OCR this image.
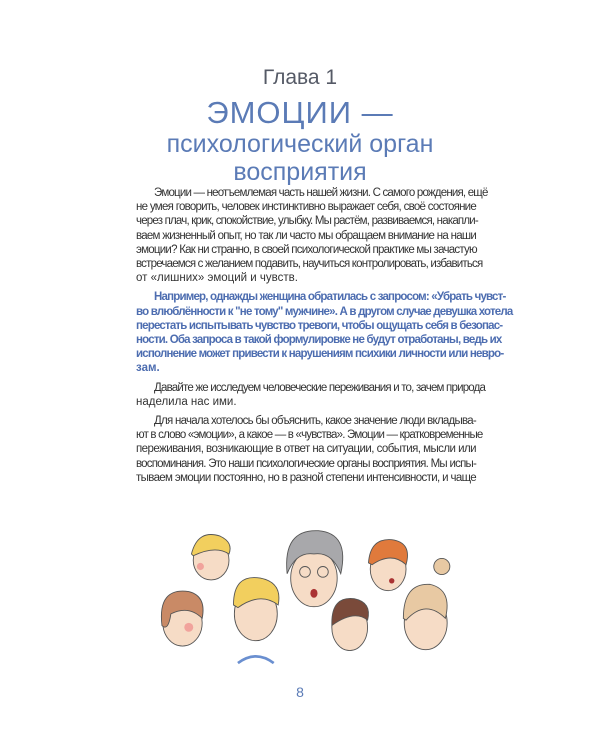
Глава 1
ЭМОЦИИ —
психологический орган
восприятия
Эмоции — неотъемлемая часть нашей жизни. С самого рождения, ещё
не умея говорить, человек инстинктивно выражает себя, своё состояние
через плач, крик, спокойствие, улыбку. Мы растём, развиваемся, накапли-
ваем жизненный опыт, но так ли часто мы обращаем внимание на наши
эмоции? Как ни странно, в своей психологической практике мы зачастую
встречаемся с желанием подавить, научиться контролировать, избавиться
от «лишних» эмоций и чувств.
Например, однажды женщина обратилась с запросом: «Убрать чувст-
во влюблённости к "не тому" мужчине». А в другом случае девушка хотела
перестать испытывать чувство тревоги, чтобы ощущать себя в безопас-
ности. Оба запроса в такой формулировке не будут отработаны, ведь их
исполнение может привести к нарушениям психики личности или невро-
зам.
Давайте же исследуем человеческие переживания и то, зачем природа
наделила нас ими.
Для начала хотелось бы объяснить, какое значение люди вкладыва-
ют в слово «эмоции», а какое — в «чувства». Эмоции — кратковременные
переживания, возникающие в ответ на ситуации, события, мысли или
воспоминания. Это наши психологические органы восприятия. Мы испы-
тываем эмоции постоянно, но в разной степени интенсивности, и чаще
8
